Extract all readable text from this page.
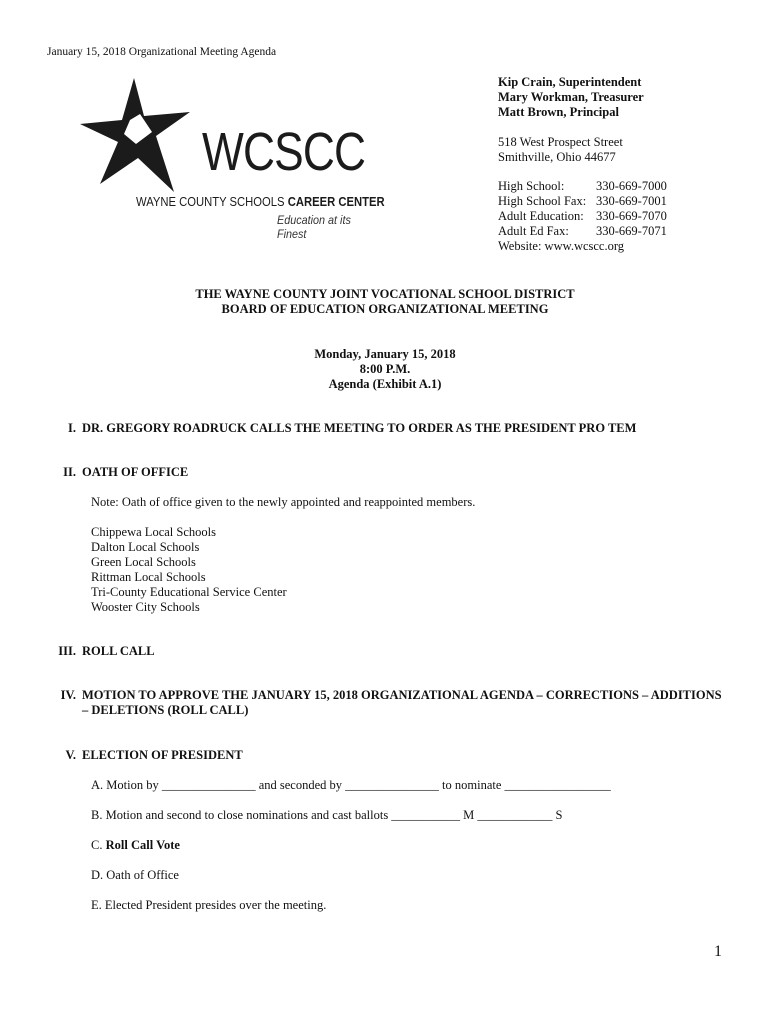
January 15, 2018 Organizational Meeting Agenda
WCSCC
WAYNE COUNTY SCHOOLS CAREER CENTER
Education at its Finest
Kip Crain, Superintendent
Mary Workman, Treasurer
Matt Brown, Principal
518 West Prospect Street
Smithville, Ohio 44677
High School:	330-669-7000
High School Fax: 330-669-7001
Adult Education: 330-669-7070
Adult Ed Fax:	330-669-7071
Website: www.wcscc.org
THE WAYNE COUNTY JOINT VOCATIONAL SCHOOL DISTRICT
BOARD OF EDUCATION ORGANIZATIONAL MEETING
Monday, January 15, 2018
8:00 P.M.
Agenda (Exhibit A.1)
I. DR. GREGORY ROADRUCK CALLS THE MEETING TO ORDER AS THE PRESIDENT PRO TEM
II. OATH OF OFFICE
Note: Oath of office given to the newly appointed and reappointed members.
Chippewa Local Schools
Dalton Local Schools
Green Local Schools
Rittman Local Schools
Tri-County Educational Service Center
Wooster City Schools
III. ROLL CALL
IV. MOTION TO APPROVE THE JANUARY 15, 2018 ORGANIZATIONAL AGENDA – CORRECTIONS – ADDITIONS
– DELETIONS (ROLL CALL)
V. ELECTION OF PRESIDENT
A. Motion by _______________ and seconded by _______________ to nominate _________________
B. Motion and second to close nominations and cast ballots ___________ M ____________ S
C. Roll Call Vote
D. Oath of Office
E. Elected President presides over the meeting.
1
